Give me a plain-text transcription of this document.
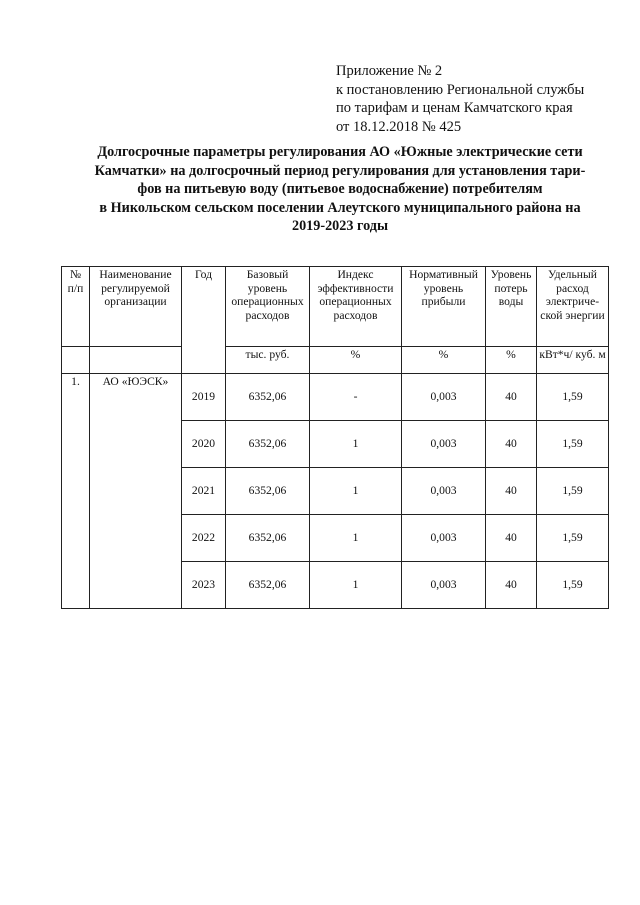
Приложение № 2
к постановлению Региональной службы
по тарифам и ценам Камчатского края
от 18.12.2018 № 425
Долгосрочные параметры регулирования АО «Южные электрические сети
Камчатки» на долгосрочный период регулирования для установления тари-
фов на питьевую воду (питьевое водоснабжение) потребителям
в Никольском сельском поселении Алеутского муниципального района на
2019-2023 годы
№ п/п	Наименование регулируемой организации	Год	Базовый уровень операционных расходов	Индекс эффективности операционных расходов	Нормативный уровень прибыли	Уровень потерь воды	Удельный расход электриче-ской энергии
			тыс. руб.	%	%	%	кВт*ч/ куб. м
1.	АО «ЮЭСК»	2019	6352,06	-	0,003	40	1,59
		2020	6352,06	1	0,003	40	1,59
		2021	6352,06	1	0,003	40	1,59
		2022	6352,06	1	0,003	40	1,59
		2023	6352,06	1	0,003	40	1,59
